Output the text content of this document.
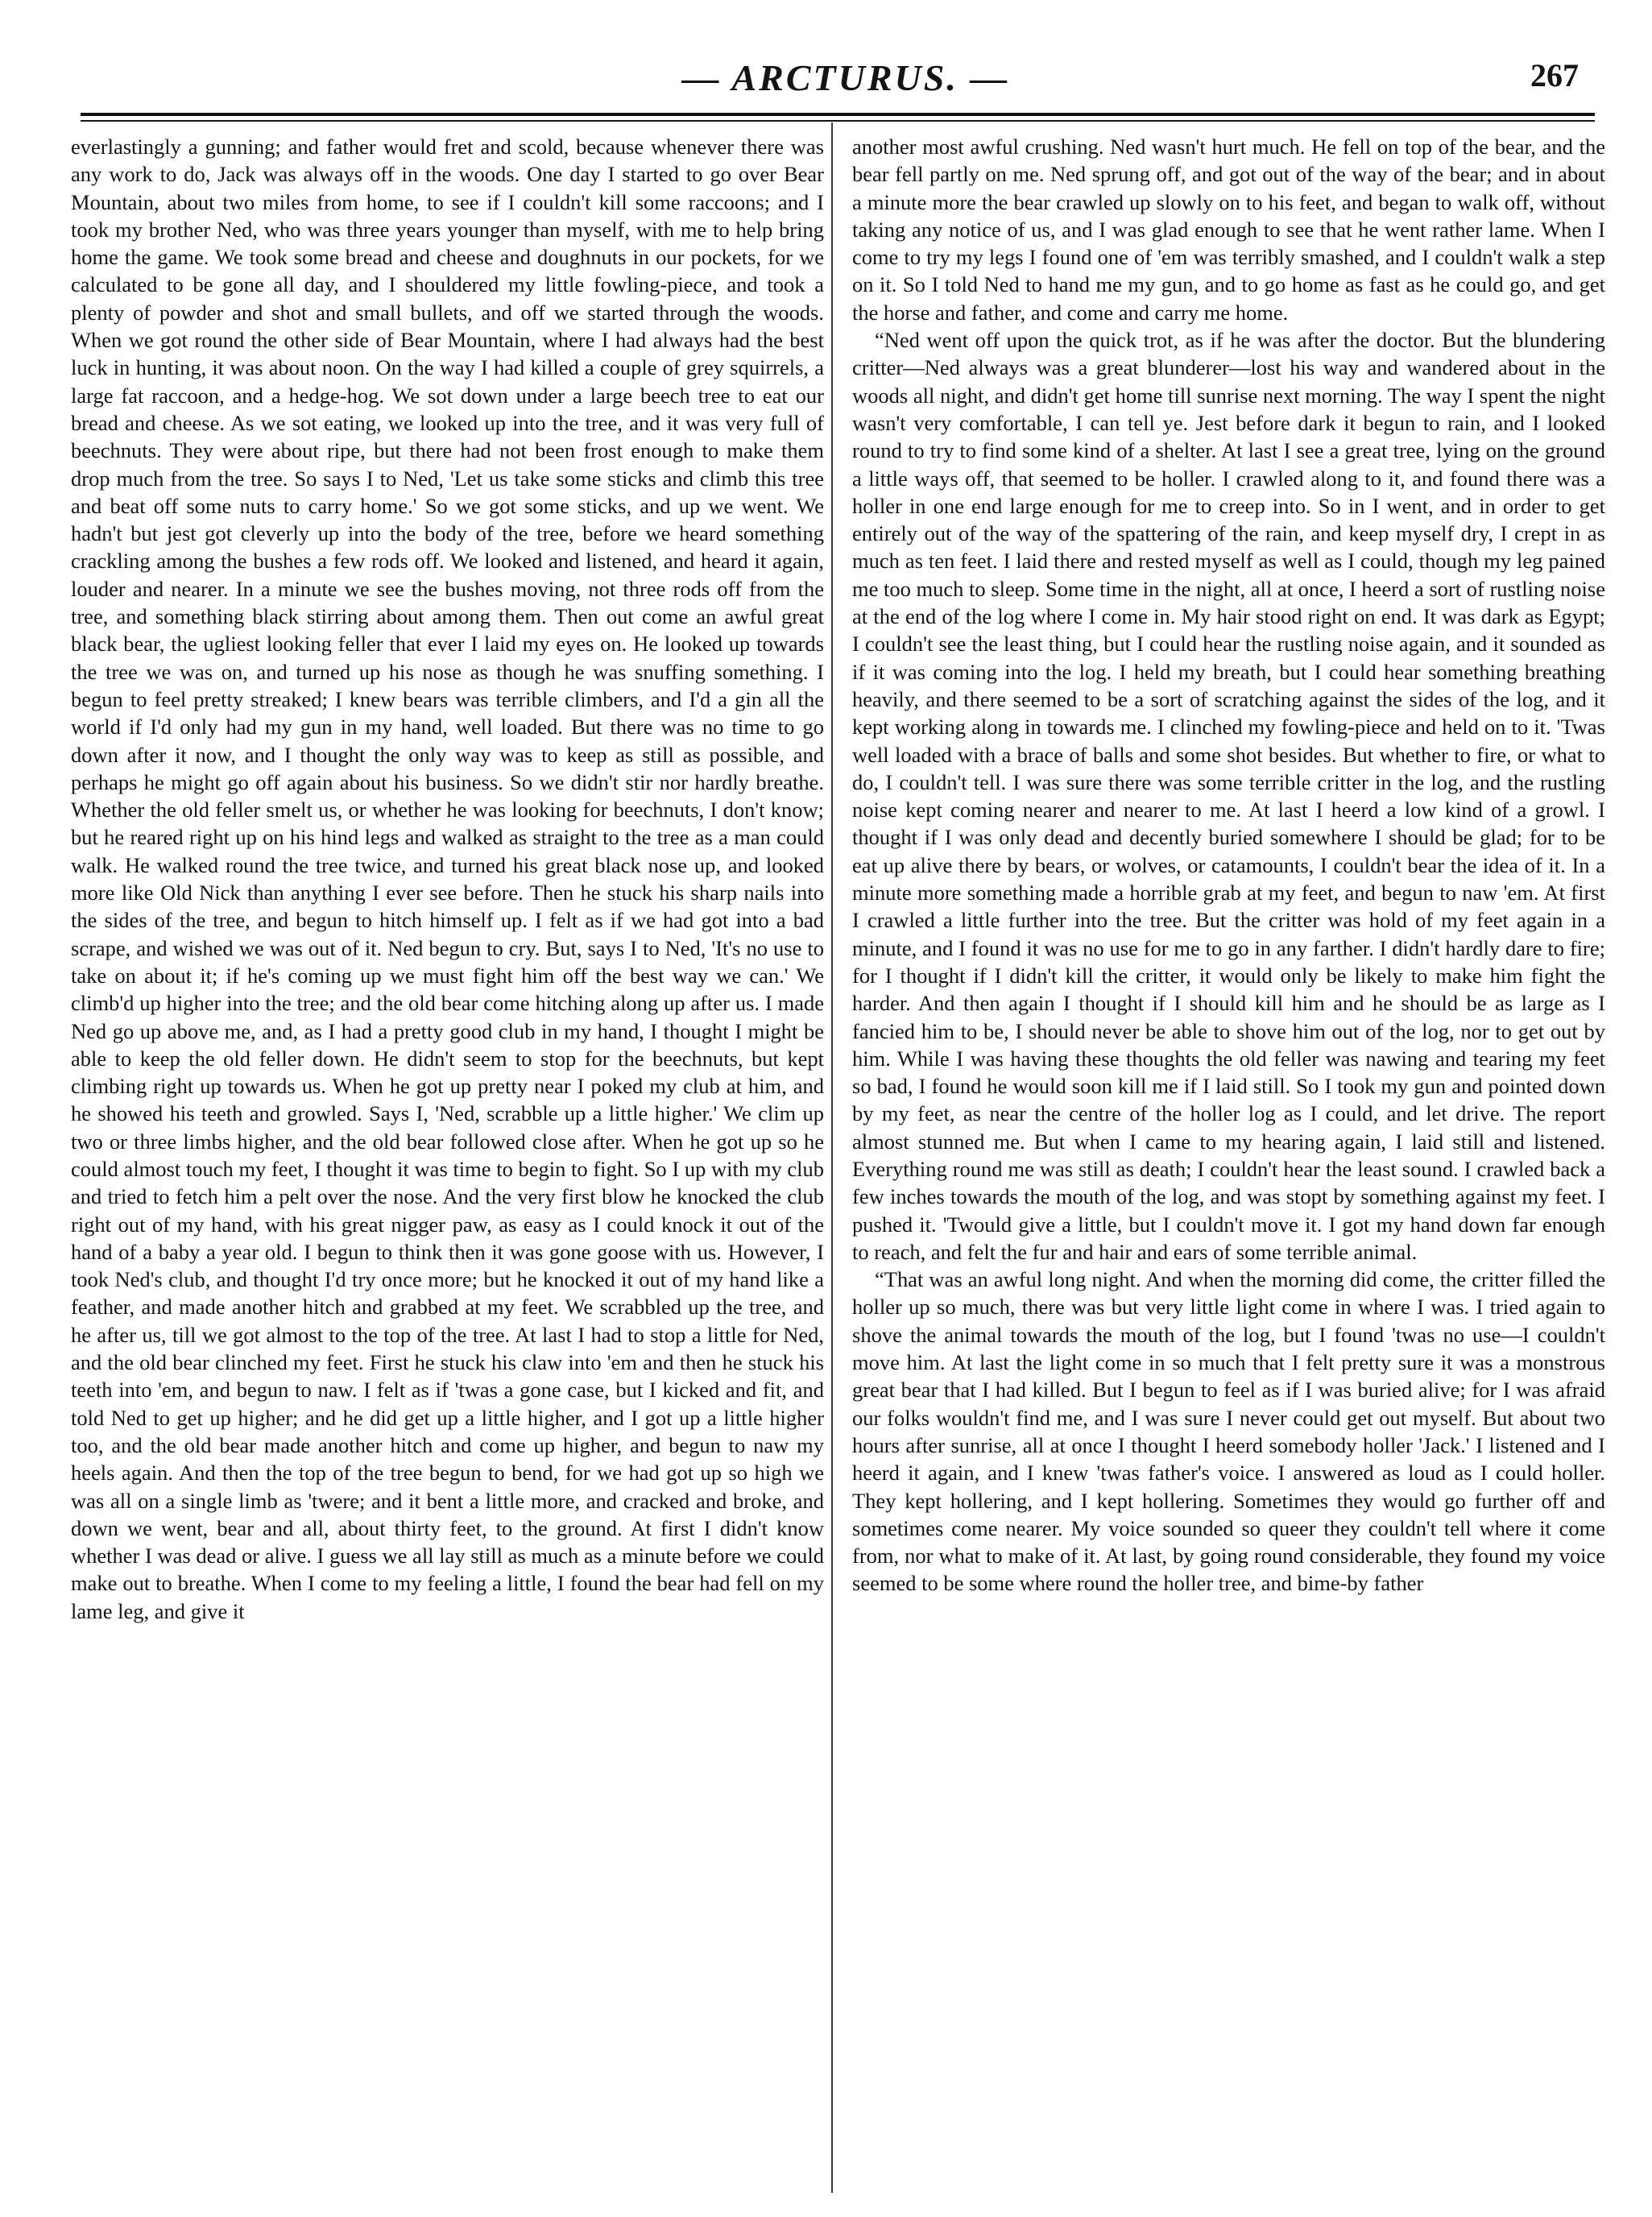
— ARCTURUS. —	267

everlastingly a gunning; and father would fret and scold, because whenever there was any work to do, Jack was always off in the woods. One day I started to go over Bear Mountain, about two miles from home, to see if I couldn't kill some raccoons; and I took my brother Ned, who was three years younger than myself, with me to help bring home the game. We took some bread and cheese and doughnuts in our pockets, for we calculated to be gone all day, and I shouldered my little fowling-piece, and took a plenty of powder and shot and small bullets, and off we started through the woods. When we got round the other side of Bear Mountain, where I had always had the best luck in hunting, it was about noon. On the way I had killed a couple of grey squirrels, a large fat raccoon, and a hedge-hog. We sot down under a large beech tree to eat our bread and cheese. As we sot eating, we looked up into the tree, and it was very full of beechnuts. They were about ripe, but there had not been frost enough to make them drop much from the tree. So says I to Ned, 'Let us take some sticks and climb this tree and beat off some nuts to carry home.' So we got some sticks, and up we went. We hadn't but jest got cleverly up into the body of the tree, before we heard something crackling among the bushes a few rods off. We looked and listened, and heard it again, louder and nearer. In a minute we see the bushes moving, not three rods off from the tree, and something black stirring about among them. Then out come an awful great black bear, the ugliest looking feller that ever I laid my eyes on. He looked up towards the tree we was on, and turned up his nose as though he was snuffing something. I begun to feel pretty streaked; I knew bears was terrible climbers, and I'd a gin all the world if I'd only had my gun in my hand, well loaded. But there was no time to go down after it now, and I thought the only way was to keep as still as possible, and perhaps he might go off again about his business. So we didn't stir nor hardly breathe. Whether the old feller smelt us, or whether he was looking for beechnuts, I don't know; but he reared right up on his hind legs and walked as straight to the tree as a man could walk. He walked round the tree twice, and turned his great black nose up, and looked more like Old Nick than anything I ever see before. Then he stuck his sharp nails into the sides of the tree, and begun to hitch himself up. I felt as if we had got into a bad scrape, and wished we was out of it. Ned begun to cry. But, says I to Ned, 'It's no use to take on about it; if he's coming up we must fight him off the best way we can.' We climb'd up higher into the tree; and the old bear come hitching along up after us. I made Ned go up above me, and, as I had a pretty good club in my hand, I thought I might be able to keep the old feller down. He didn't seem to stop for the beechnuts, but kept climbing right up towards us. When he got up pretty near I poked my club at him, and he showed his teeth and growled. Says I, 'Ned, scrabble up a little higher.' We clim up two or three limbs higher, and the old bear followed close after. When he got up so he could almost touch my feet, I thought it was time to begin to fight. So I up with my club and tried to fetch him a pelt over the nose. And the very first blow he knocked the club right out of my hand, with his great nigger paw, as easy as I could knock it out of the hand of a baby a year old. I begun to think then it was gone goose with us. However, I took Ned's club, and thought I'd try once more; but he knocked it out of my hand like a feather, and made another hitch and grabbed at my feet. We scrabbled up the tree, and he after us, till we got almost to the top of the tree. At last I had to stop a little for Ned, and the old bear clinched my feet. First he stuck his claw into 'em and then he stuck his teeth into 'em, and begun to naw. I felt as if 'twas a gone case, but I kicked and fit, and told Ned to get up higher; and he did get up a little higher, and I got up a little higher too, and the old bear made another hitch and come up higher, and begun to naw my heels again. And then the top of the tree begun to bend, for we had got up so high we was all on a single limb as 'twere; and it bent a little more, and cracked and broke, and down we went, bear and all, about thirty feet, to the ground. At first I didn't know whether I was dead or alive. I guess we all lay still as much as a minute before we could make out to breathe. When I come to my feeling a little, I found the bear had fell on my lame leg, and give it

another most awful crushing. Ned wasn't hurt much. He fell on top of the bear, and the bear fell partly on me. Ned sprung off, and got out of the way of the bear; and in about a minute more the bear crawled up slowly on to his feet, and began to walk off, without taking any notice of us, and I was glad enough to see that he went rather lame. When I come to try my legs I found one of 'em was terribly smashed, and I couldn't walk a step on it. So I told Ned to hand me my gun, and to go home as fast as he could go, and get the horse and father, and come and carry me home.

“Ned went off upon the quick trot, as if he was after the doctor. But the blundering critter—Ned always was a great blunderer—lost his way and wandered about in the woods all night, and didn't get home till sunrise next morning. The way I spent the night wasn't very comfortable, I can tell ye. Jest before dark it begun to rain, and I looked round to try to find some kind of a shelter. At last I see a great tree, lying on the ground a little ways off, that seemed to be holler. I crawled along to it, and found there was a holler in one end large enough for me to creep into. So in I went, and in order to get entirely out of the way of the spattering of the rain, and keep myself dry, I crept in as much as ten feet. I laid there and rested myself as well as I could, though my leg pained me too much to sleep. Some time in the night, all at once, I heerd a sort of rustling noise at the end of the log where I come in. My hair stood right on end. It was dark as Egypt; I couldn't see the least thing, but I could hear the rustling noise again, and it sounded as if it was coming into the log. I held my breath, but I could hear something breathing heavily, and there seemed to be a sort of scratching against the sides of the log, and it kept working along in towards me. I clinched my fowling-piece and held on to it. 'Twas well loaded with a brace of balls and some shot besides. But whether to fire, or what to do, I couldn't tell. I was sure there was some terrible critter in the log, and the rustling noise kept coming nearer and nearer to me. At last I heerd a low kind of a growl. I thought if I was only dead and decently buried somewhere I should be glad; for to be eat up alive there by bears, or wolves, or catamounts, I couldn't bear the idea of it. In a minute more something made a horrible grab at my feet, and begun to naw 'em. At first I crawled a little further into the tree. But the critter was hold of my feet again in a minute, and I found it was no use for me to go in any farther. I didn't hardly dare to fire; for I thought if I didn't kill the critter, it would only be likely to make him fight the harder. And then again I thought if I should kill him and he should be as large as I fancied him to be, I should never be able to shove him out of the log, nor to get out by him. While I was having these thoughts the old feller was nawing and tearing my feet so bad, I found he would soon kill me if I laid still. So I took my gun and pointed down by my feet, as near the centre of the holler log as I could, and let drive. The report almost stunned me. But when I came to my hearing again, I laid still and listened. Everything round me was still as death; I couldn't hear the least sound. I crawled back a few inches towards the mouth of the log, and was stopt by something against my feet. I pushed it. 'Twould give a little, but I couldn't move it. I got my hand down far enough to reach, and felt the fur and hair and ears of some terrible animal.

“That was an awful long night. And when the morning did come, the critter filled the holler up so much, there was but very little light come in where I was. I tried again to shove the animal towards the mouth of the log, but I found 'twas no use—I couldn't move him. At last the light come in so much that I felt pretty sure it was a monstrous great bear that I had killed. But I begun to feel as if I was buried alive; for I was afraid our folks wouldn't find me, and I was sure I never could get out myself. But about two hours after sunrise, all at once I thought I heerd somebody holler 'Jack.' I listened and I heerd it again, and I knew 'twas father's voice. I answered as loud as I could holler. They kept hollering, and I kept hollering. Sometimes they would go further off and sometimes come nearer. My voice sounded so queer they couldn't tell where it come from, nor what to make of it. At last, by going round considerable, they found my voice seemed to be some where round the holler tree, and bime-by father
